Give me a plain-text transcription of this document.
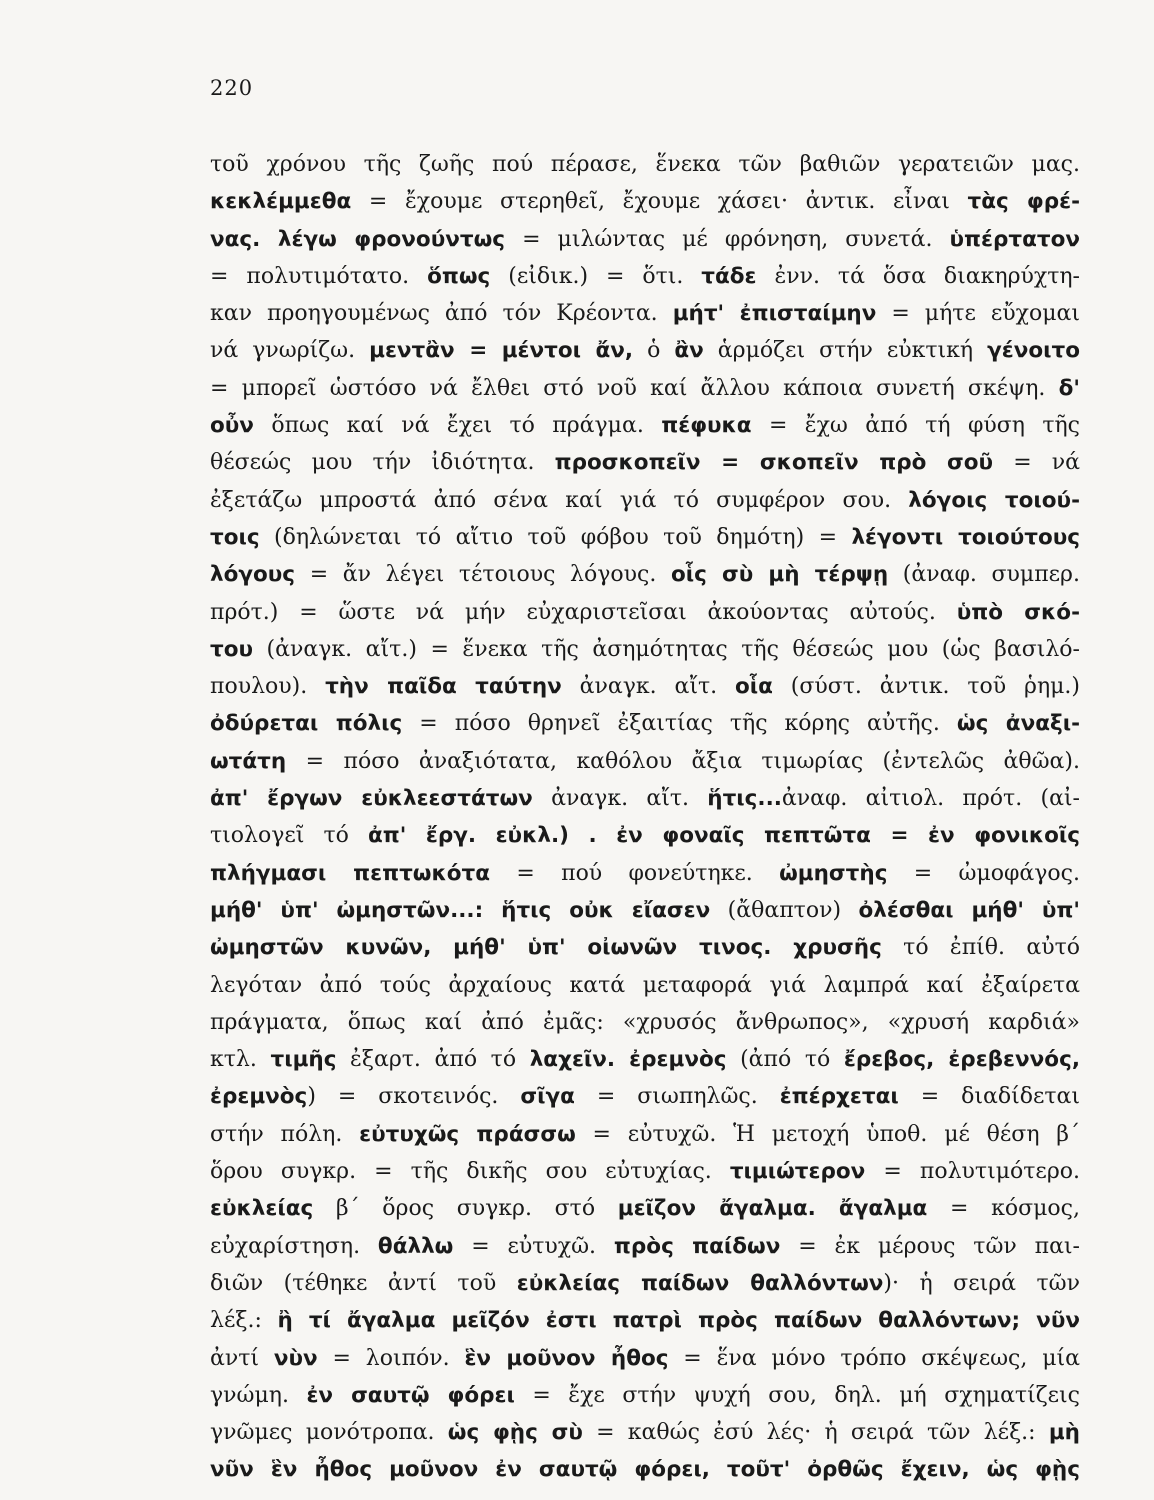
220
τοῦ χρόνου τῆς ζωῆς πού πέρασε, ἕνεκα τῶν βαθιῶν γερατειῶν μας.
κεκλέμμεθα = ἔχουμε στερηθεῖ, ἔχουμε χάσει· ἀντικ. εἶναι τὰς φρέ-
νας. λέγω φρονούντως = μιλώντας μέ φρόνηση, συνετά. ὑπέρτατον
= πολυτιμότατο. ὅπως (εἰδικ.) = ὅτι. τάδε ἐνν. τά ὅσα διακηρύχτη-
καν προηγουμένως ἀπό τόν Κρέοντα. μήτ' ἐπισταίμην = μήτε εὔχομαι
νά γνωρίζω. μεντἂν = μέντοι ἄν, ὁ ἂν ἁρμόζει στήν εὐκτική γένοιτο
= μπορεῖ ὡστόσο νά ἔλθει στό νοῦ καί ἄλλου κάποια συνετή σκέψη. δ'
οὖν ὅπως καί νά ἔχει τό πράγμα. πέφυκα = ἔχω ἀπό τή φύση τῆς
θέσεώς μου τήν ἰδιότητα. προσκοπεῖν = σκοπεῖν πρὸ σοῦ = νά
ἐξετάζω μπροστά ἀπό σένα καί γιά τό συμφέρον σου. λόγοις τοιού-
τοις (δηλώνεται τό αἴτιο τοῦ φόβου τοῦ δημότη) = λέγοντι τοιούτους
λόγους = ἄν λέγει τέτοιους λόγους. οἷς σὺ μὴ τέρψῃ (ἀναφ. συμπερ.
πρότ.) = ὥστε νά μήν εὐχαριστεῖσαι ἀκούοντας αὐτούς. ὑπὸ σκό-
του (ἀναγκ. αἴτ.) = ἕνεκα τῆς ἀσημότητας τῆς θέσεώς μου (ὡς βασιλό-
πουλου). τὴν παῖδα ταύτην ἀναγκ. αἴτ. οἷα (σύστ. ἀντικ. τοῦ ῥημ.)
ὀδύρεται πόλις = πόσο θρηνεῖ ἐξαιτίας τῆς κόρης αὐτῆς. ὡς ἀναξι-
ωτάτη = πόσο ἀναξιότατα, καθόλου ἄξια τιμωρίας (ἐντελῶς ἀθῶα).
ἀπ' ἔργων εὐκλεεστάτων ἀναγκ. αἴτ. ἥτις...ἀναφ. αἰτιολ. πρότ. (αἰ-
τιολογεῖ τό ἀπ' ἔργ. εὐκλ.) . ἐν φοναῖς πεπτῶτα = ἐν φονικοῖς
πλήγμασι πεπτωκότα = πού φονεύτηκε. ὠμηστὴς = ὠμοφάγος.
μήθ' ὑπ' ὠμηστῶν...: ἥτις οὐκ εἴασεν (ἄθαπτον) ὀλέσθαι μήθ' ὑπ'
ὠμηστῶν κυνῶν, μήθ' ὑπ' οἰωνῶν τινος. χρυσῆς τό ἐπίθ. αὐτό
λεγόταν ἀπό τούς ἀρχαίους κατά μεταφορά γιά λαμπρά καί ἐξαίρετα
πράγματα, ὅπως καί ἀπό ἐμᾶς: «χρυσός ἄνθρωπος», «χρυσή καρδιά»
κτλ. τιμῆς ἐξαρτ. ἀπό τό λαχεῖν. ἐρεμνὸς (ἀπό τό ἔρεβος, ἐρεβεννός,
ἐρεμνὸς) = σκοτεινός. σῖγα = σιωπηλῶς. ἐπέρχεται = διαδίδεται
στήν πόλη. εὐτυχῶς πράσσω = εὐτυχῶ. Ἡ μετοχή ὑποθ. μέ θέση β΄
ὅρου συγκρ. = τῆς δικῆς σου εὐτυχίας. τιμιώτερον = πολυτιμότερο.
εὐκλείας β΄ ὅρος συγκρ. στό μεῖζον ἄγαλμα. ἄγαλμα = κόσμος,
εὐχαρίστηση. θάλλω = εὐτυχῶ. πρὸς παίδων = ἐκ μέρους τῶν παι-
διῶν (τέθηκε ἀντί τοῦ εὐκλείας παίδων θαλλόντων)· ἡ σειρά τῶν
λέξ.: ἢ τί ἄγαλμα μεῖζόν ἐστι πατρὶ πρὸς παίδων θαλλόντων; νῦν
ἀντί νὺν = λοιπόν. ἓν μοῦνον ἦθος = ἕνα μόνο τρόπο σκέψεως, μία
γνώμη. ἐν σαυτῷ φόρει = ἔχε στήν ψυχή σου, δηλ. μή σχηματίζεις
γνῶμες μονότροπα. ὡς φῂς σὺ = καθώς ἐσύ λές· ἡ σειρά τῶν λέξ.: μὴ
νῦν ἓν ἦθος μοῦνον ἐν σαυτῷ φόρει, τοῦτ' ὀρθῶς ἔχειν, ὡς φῂς
